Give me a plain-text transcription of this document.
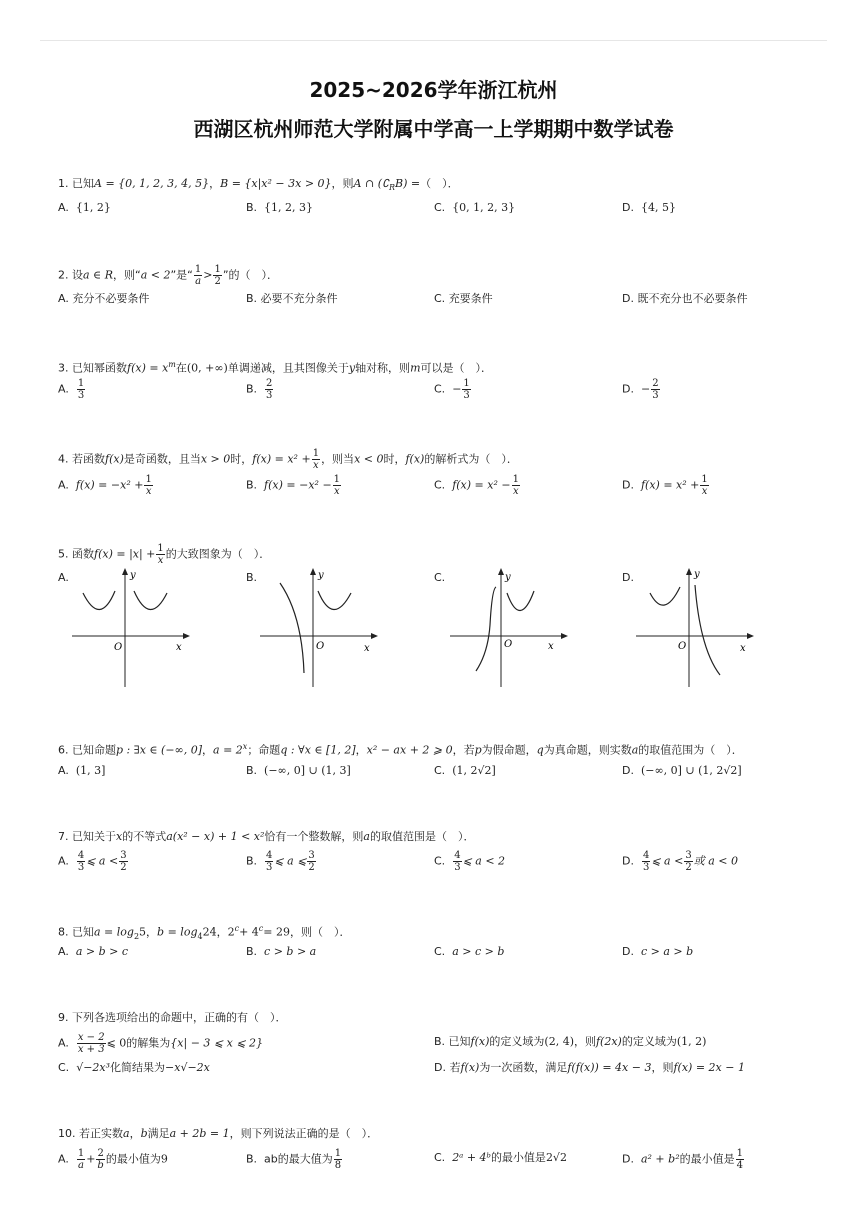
2025~2026学年浙江杭州
西湖区杭州师范大学附属中学高一上学期期中数学试卷
1. 已知A = {0, 1, 2, 3, 4, 5}，B = {x|x² − 3x > 0}，则A ∩ $(∁_RB)$ =（　）．
A. {1, 2}	B. {1, 2, 3}	C. {0, 1, 2, 3}	D. {4, 5}
2. 设a ∈ R，则“a < 2”是“ $\frac{1}{a} > \frac{1}{2}$ ”的（　）．
A. 充分不必要条件	B. 必要不充分条件	C. 充要条件	D. 既不充分也不必要条件
3. 已知幂函数$f(x) = x^m$在(0, +∞)单调递减，且其图像关于y轴对称，则m可以是（　）．
A. $\frac{1}{3}$	B. $\frac{2}{3}$	C. − $\frac{1}{3}$	D. − $\frac{2}{3}$
4. 若函数f(x)是奇函数，且当x > 0时，$f(x) = x^2 + \frac{1}{x}$ ，则当x < 0时，f(x)的解析式为（　）．
A. $f(x) = -x^2 + \frac{1}{x}$	B. $f(x) = -x^2 - \frac{1}{x}$	C. $f(x) = x^2 - \frac{1}{x}$	D. $f(x) = x^2 + \frac{1}{x}$
5. 函数$f(x) = |x| + \frac{1}{x}$ 的大致图象为（　）．
A.
O	x
y	B.
O	x
y	C.
O	x
y	D.
O	x
y
6. 已知命题p : ∃x ∈ (−∞, 0]，$a = 2^x$；命题q : ∀x ∈ [1, 2]，x² − ax + 2 ⩾ 0，若p为假命题，q为真命题，则实数a的取值范围为（　）．
A. (1, 3]	B. (−∞, 0] ∪ (1, 3]	C. (1, 2√2]	D. (−∞, 0] ∪ (1, 2√2]
7. 已知关于x的不等式a(x² − x) + 1 < x²恰有一个整数解，则a的取值范围是（　）．
A. $\frac{4}{3}$ ⩽ $a < \frac{3}{2}$	B. $\frac{4}{3}$ ⩽ a ⩽ $\frac{3}{2}$	C. $\frac{4}{3}$ ⩽ a < 2	D. $\frac{4}{3}$ ⩽ $a < \frac{3}{2}$ 或 a < 0
8. 已知$a = \log_25$，$b = \log_424$，$2^c+ 4^c= 29$，则（　）．
A. a > b > c	B. c > b > a	C. a > c > b	D. c > a > b
9. 下列各选项给出的命题中，正确的有（　）．
A. $\frac{x - 2}{x + 3}$ ⩽ 0的解集为{x| − 3 ⩽ x ⩽ 2}	B. 已知f(x)的定义域为(2, 4)，则f(2x)的定义域为(1, 2)
C. √−2x³化简结果为−x√−2x	D. 若f(x)为一次函数，满足f(f(x)) = 4x − 3，则f(x) = 2x − 1
10. 若正实数a，b满足a + 2b = 1，则下列说法正确的是（　）．
A. $\frac{1}{a} + \frac{2}{b}$ 的最小值为9	B. ab的最大值为 $\frac{1}{8}$	C. 2ᵃ + 4ᵇ的最小值是2√2	D. a² + b²的最小值是 $\frac{1}{4}$
